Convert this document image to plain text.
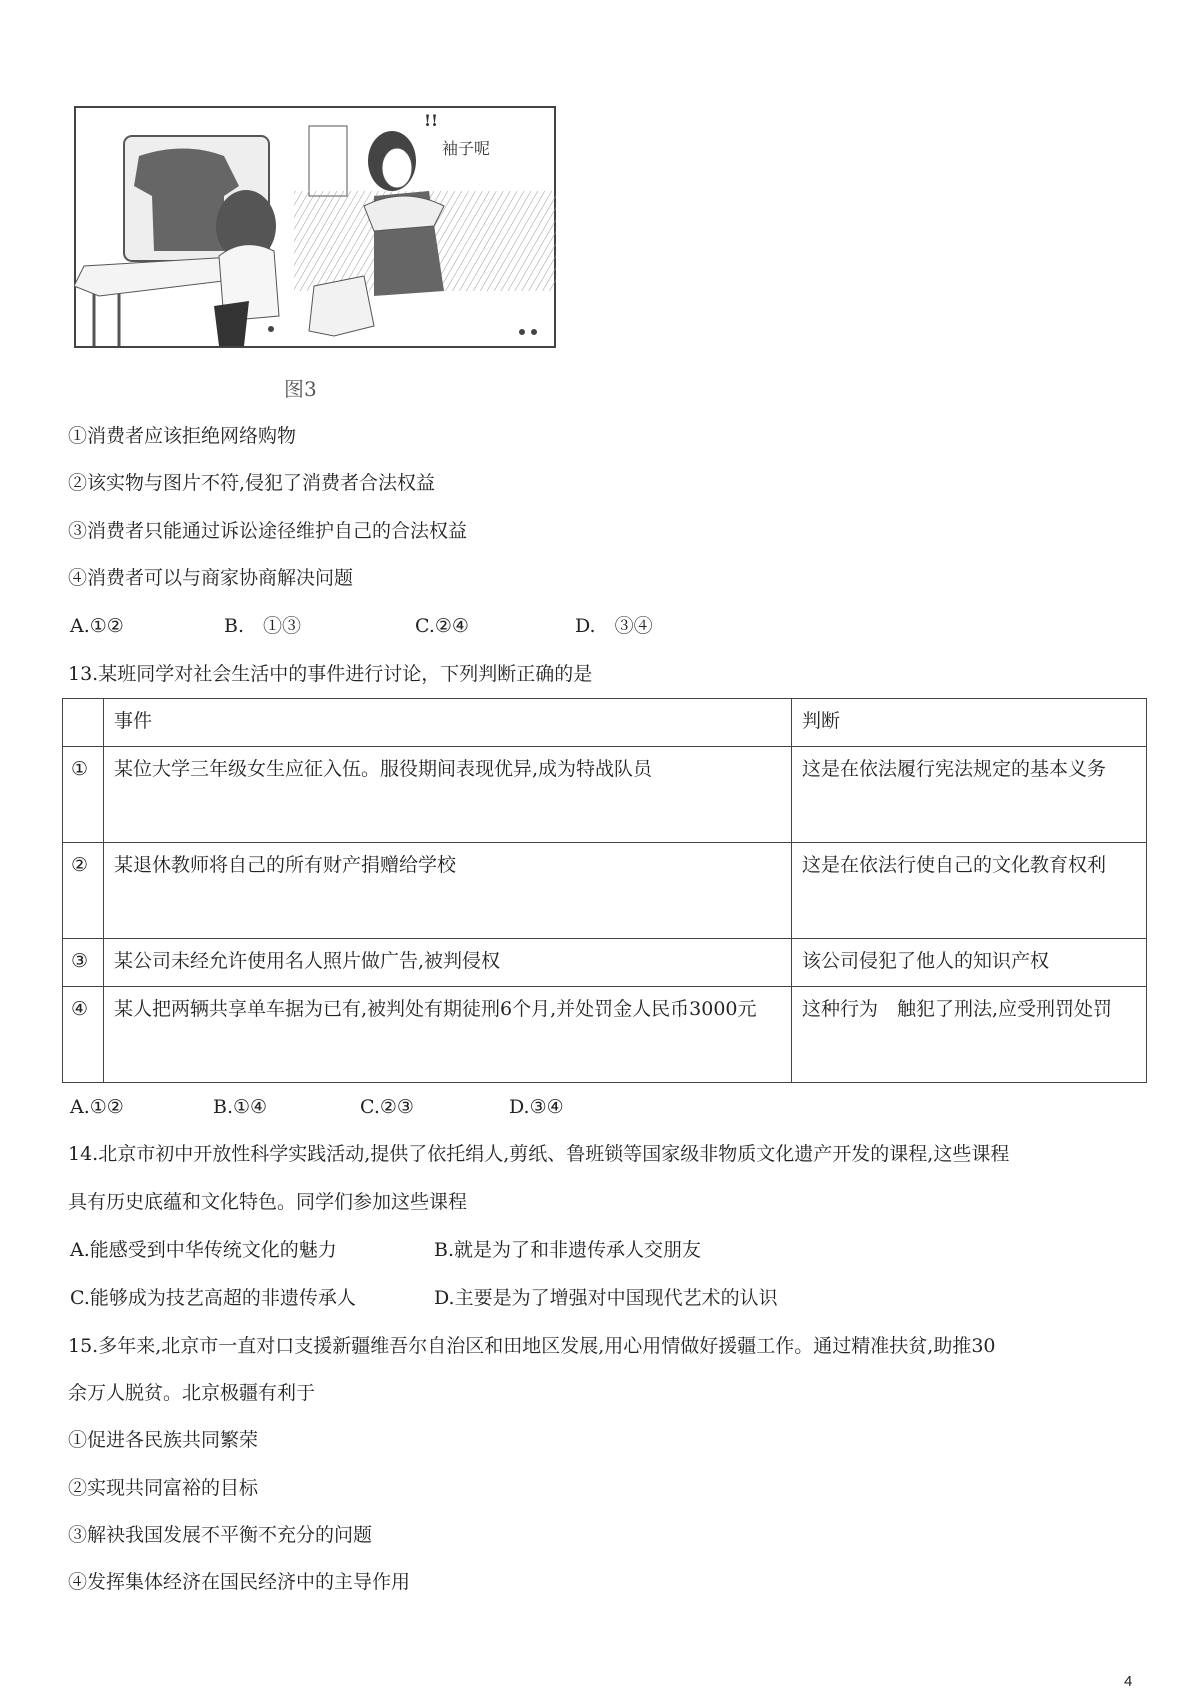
!!
袖子呢
图3
①消费者应该拒绝网络购物
②该实物与图片不符,侵犯了消费者合法权益
③消费者只能通过诉讼途径维护自己的合法权益
④消费者可以与商家协商解决问题
A.①②	B.　①③	C.②④	D.　③④
13.某班同学对社会生活中的事件进行讨论，下列判断正确的是

	事件	判断

①	某位大学三年级女生应征入伍。服役期间表现优异,成为特战队员	这是在依法履行宪法规定的基本义务

②	某退休教师将自己的所有财产捐赠给学校	这是在依法行使自己的文化教育权利

③	某公司未经允许使用名人照片做广告,被判侵权	该公司侵犯了他人的知识产权

④	某人把两辆共享单车据为已有,被判处有期徒刑6个月,并处罚金人民币3000元	这种行为　触犯了刑法,应受刑罚处罚
A.①②	B.①④	C.②③	D.③④
14.北京市初中开放性科学实践活动,提供了依托绢人,剪纸、鲁班锁等国家级非物质文化遗产开发的课程,这些课程
具有历史底蕴和文化特色。同学们参加这些课程
A.能感受到中华传统文化的魅力	B.就是为了和非遗传承人交朋友
C.能够成为技艺高超的非遗传承人	D.主要是为了增强对中国现代艺术的认识
15.多年来,北京市一直对口支援新疆维吾尔自治区和田地区发展,用心用情做好援疆工作。通过精准扶贫,助推30
余万人脱贫。北京极疆有利于
①促进各民族共同繁荣
②实现共同富裕的目标
③解袂我国发展不平衡不充分的问题
④发挥集体经济在国民经济中的主导作用
4
